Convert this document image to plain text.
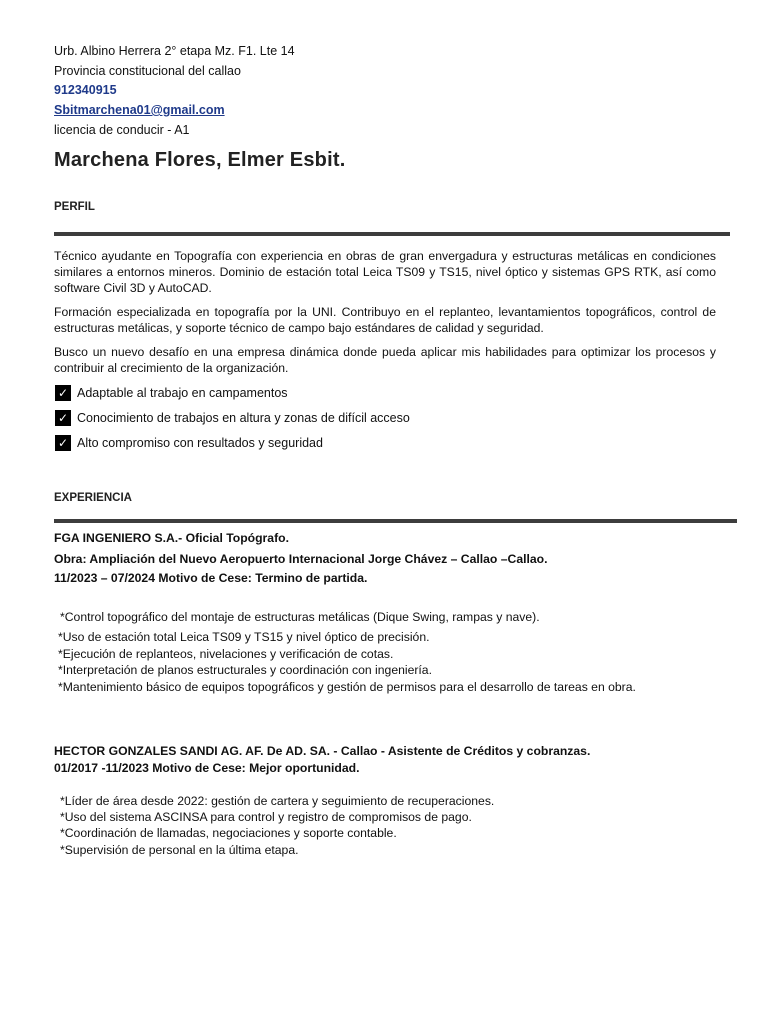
Urb. Albino Herrera 2° etapa Mz. F1. Lte 14
Provincia constitucional del callao
912340915
Sbitmarchena01@gmail.com
licencia de conducir - A1
Marchena Flores, Elmer Esbit.
PERFIL
Técnico ayudante en Topografía con experiencia en obras de gran envergadura y estructuras metálicas en condiciones similares a entornos mineros. Dominio de estación total Leica TS09 y TS15, nivel óptico y sistemas GPS RTK, así como software Civil 3D y AutoCAD.
Formación especializada en topografía por la UNI. Contribuyo en el replanteo, levantamientos topográficos, control de estructuras metálicas, y soporte técnico de campo bajo estándares de calidad y seguridad.
Busco un nuevo desafío en una empresa dinámica donde pueda aplicar mis habilidades para optimizar los procesos y contribuir al crecimiento de la organización.
✓ Adaptable al trabajo en campamentos
✓ Conocimiento de trabajos en altura y zonas de difícil acceso
✓ Alto compromiso con resultados y seguridad
EXPERIENCIA
FGA INGENIERO S.A.- Oficial Topógrafo.
Obra: Ampliación del Nuevo Aeropuerto Internacional Jorge Chávez – Callao –Callao.
11/2023 – 07/2024 Motivo de Cese: Termino de partida.
*Control topográfico del montaje de estructuras metálicas (Dique Swing, rampas y nave).
*Uso de estación total Leica TS09 y TS15 y nivel óptico de precisión.
*Ejecución de replanteos, nivelaciones y verificación de cotas.
*Interpretación de planos estructurales y coordinación con ingeniería.
*Mantenimiento básico de equipos topográficos y gestión de permisos para el desarrollo de tareas en obra.
HECTOR GONZALES SANDI AG. AF. De AD. SA. - Callao - Asistente de Créditos y cobranzas.
01/2017 -11/2023 Motivo de Cese: Mejor oportunidad.
*Líder de área desde 2022: gestión de cartera y seguimiento de recuperaciones.
*Uso del sistema ASCINSA para control y registro de compromisos de pago.
*Coordinación de llamadas, negociaciones y soporte contable.
*Supervisión de personal en la última etapa.
